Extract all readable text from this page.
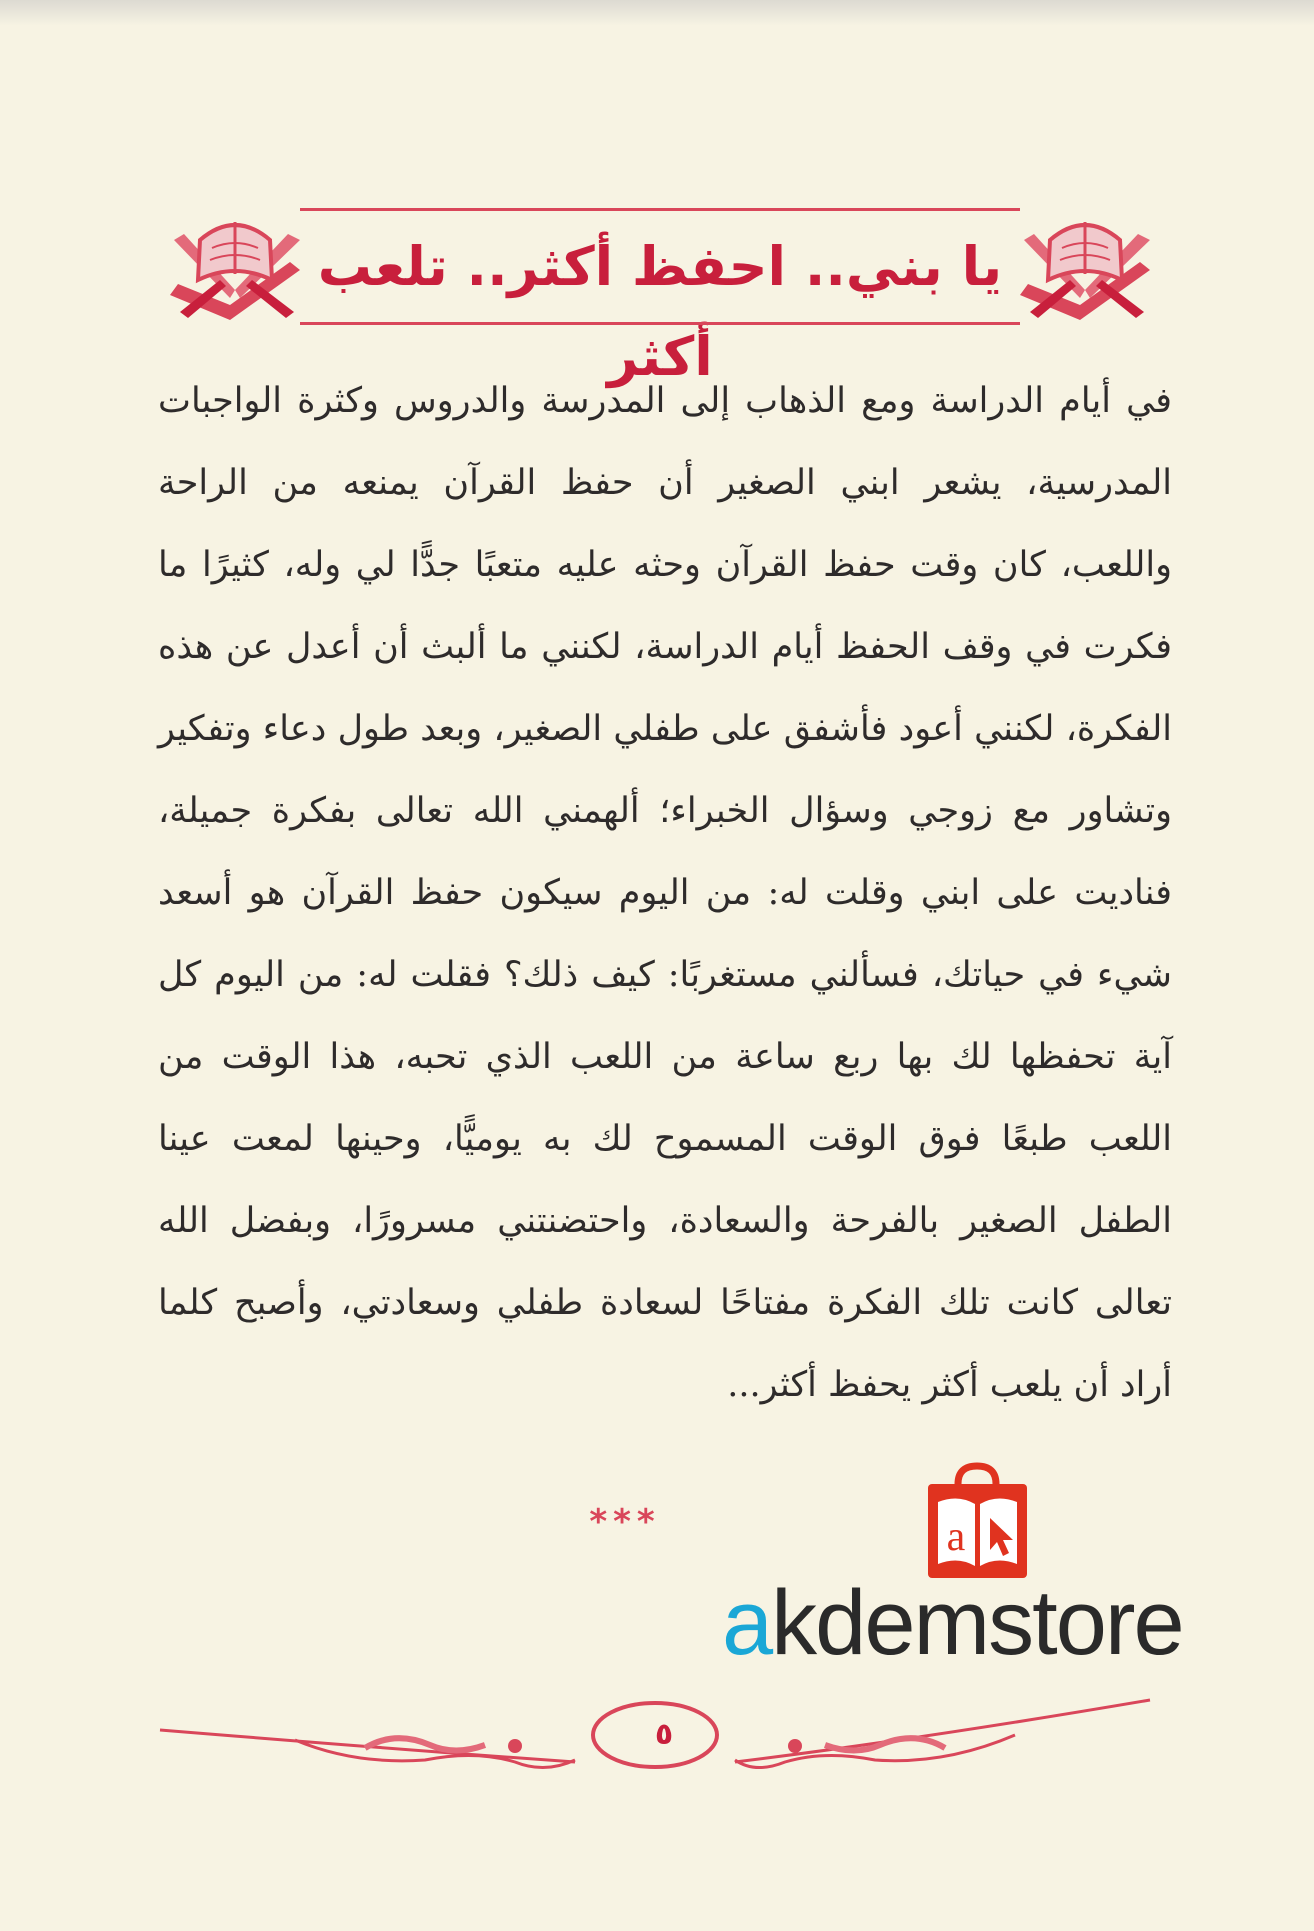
يا بني.. احفظ أكثر.. تلعب أكثر

في أيام الدراسة ومع الذهاب إلى المدرسة والدروس وكثرة الواجبات المدرسية، يشعر ابني الصغير أن حفظ القرآن يمنعه من الراحة واللعب، كان وقت حفظ القرآن وحثه عليه متعبًا جدًّا لي وله، كثيرًا ما فكرت في وقف الحفظ أيام الدراسة، لكنني ما ألبث أن أعدل عن هذه الفكرة، لكنني أعود فأشفق على طفلي الصغير، وبعد طول دعاء وتفكير وتشاور مع زوجي وسؤال الخبراء؛ ألهمني الله تعالى بفكرة جميلة، فناديت على ابني وقلت له: من اليوم سيكون حفظ القرآن هو أسعد شيء في حياتك، فسألني مستغربًا: كيف ذلك؟ فقلت له: من اليوم كل آية تحفظها لك بها ربع ساعة من اللعب الذي تحبه، هذا الوقت من اللعب طبعًا فوق الوقت المسموح لك به يوميًّا، وحينها لمعت عينا الطفل الصغير بالفرحة والسعادة، واحتضنتني مسرورًا، وبفضل الله تعالى كانت تلك الفكرة مفتاحًا لسعادة طفلي وسعادتي، وأصبح كلما أراد أن يلعب أكثر يحفظ أكثر...

***	a
akdemstore
٥
